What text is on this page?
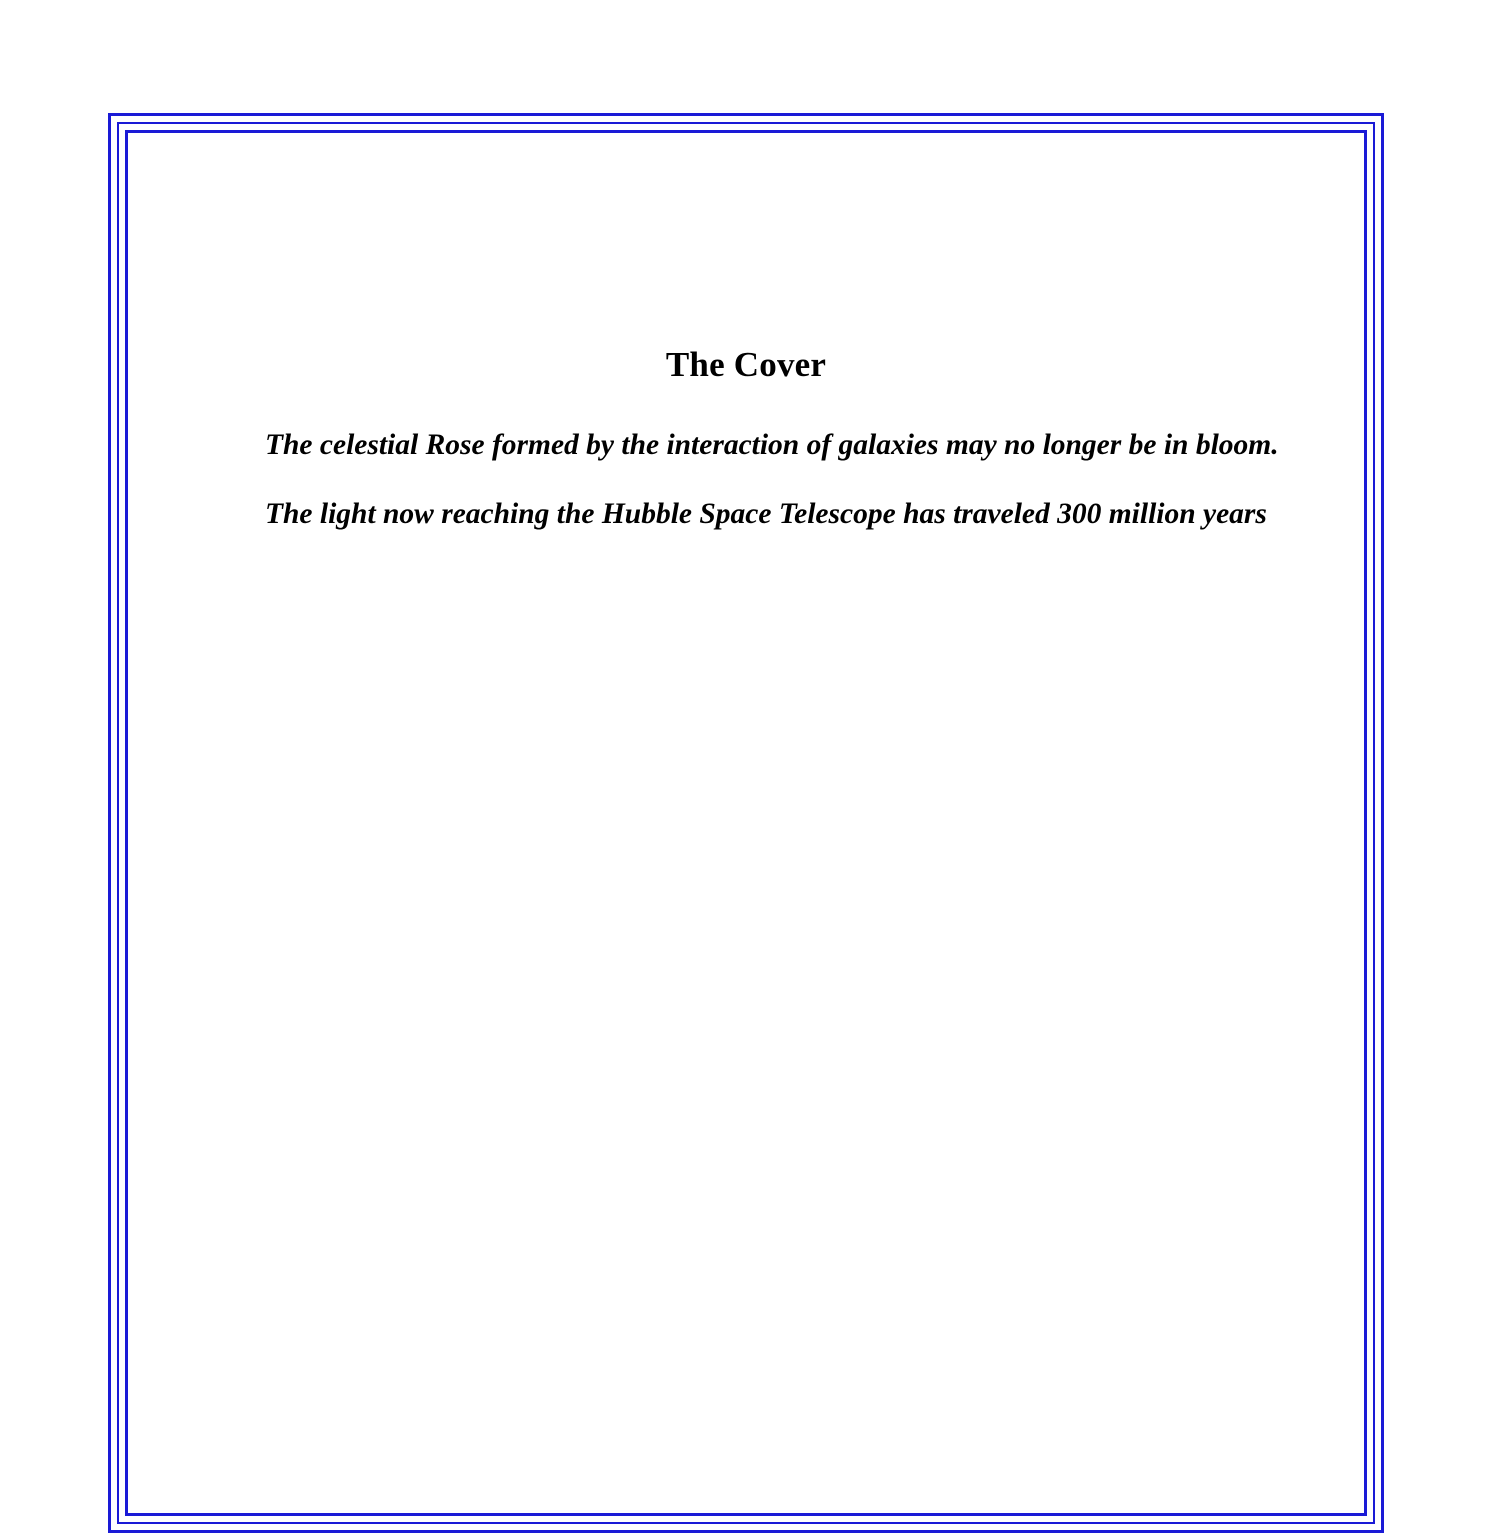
The Cover
The celestial Rose formed by the interaction of galaxies may no longer be in bloom.
The light now reaching the Hubble Space Telescope has traveled 300 million years
